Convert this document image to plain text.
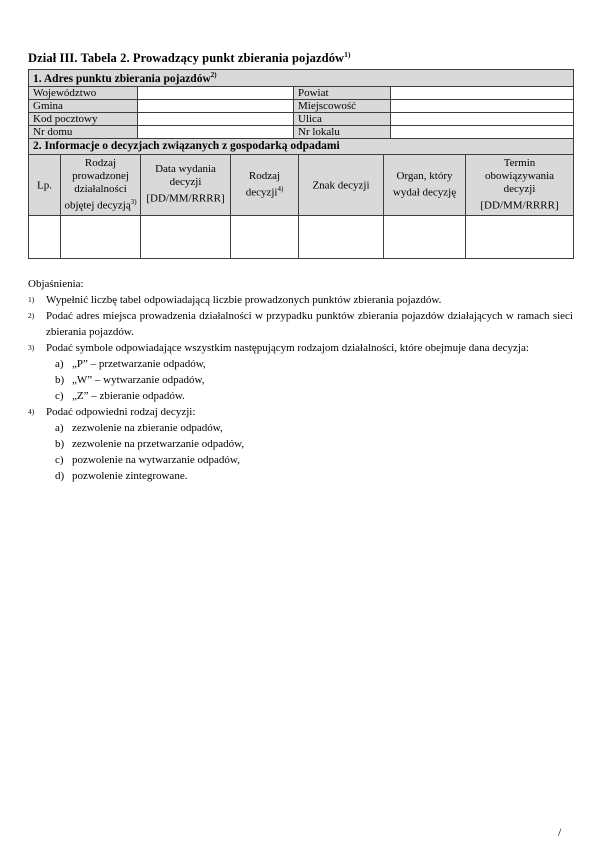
Dział III. Tabela 2. Prowadzący punkt zbierania pojazdów$^{1)}$
1. Adres punktu zbierania pojazdów$^{2)}$
Województwo		Powiat	
Gmina		Miejscowość	
Kod pocztowy		Ulica	
Nr domu		Nr lokalu	
2. Informacje o decyzjach związanych z gospodarką odpadami						
Lp.	Rodzaj prowadzonej działalności objętej decyzją$^{3)}$	Data wydania decyzji [DD/MM/RRRR]	Rodzaj decyzji$^{4)}$	Znak decyzji	Organ, który wydał decyzję	Termin obowiązywania decyzji [DD/MM/RRRR]

Objaśnienia:
1)	Wypełnić liczbę tabel odpowiadającą liczbie prowadzonych punktów zbierania pojazdów.
2)	Podać adres miejsca prowadzenia działalności w przypadku punktów zbierania pojazdów działających w ramach sieci zbierania pojazdów.
3)	Podać symbole odpowiadające wszystkim następującym rodzajom działalności, które obejmuje dana decyzja:
a) „P” – przetwarzanie odpadów,
b) „W” – wytwarzanie odpadów,
c) „Z” – zbieranie odpadów.
4)	Podać odpowiedni rodzaj decyzji:
a) zezwolenie na zbieranie odpadów,
b) zezwolenie na przetwarzanie odpadów,
c) pozwolenie na wytwarzanie odpadów,
d) pozwolenie zintegrowane.
/
